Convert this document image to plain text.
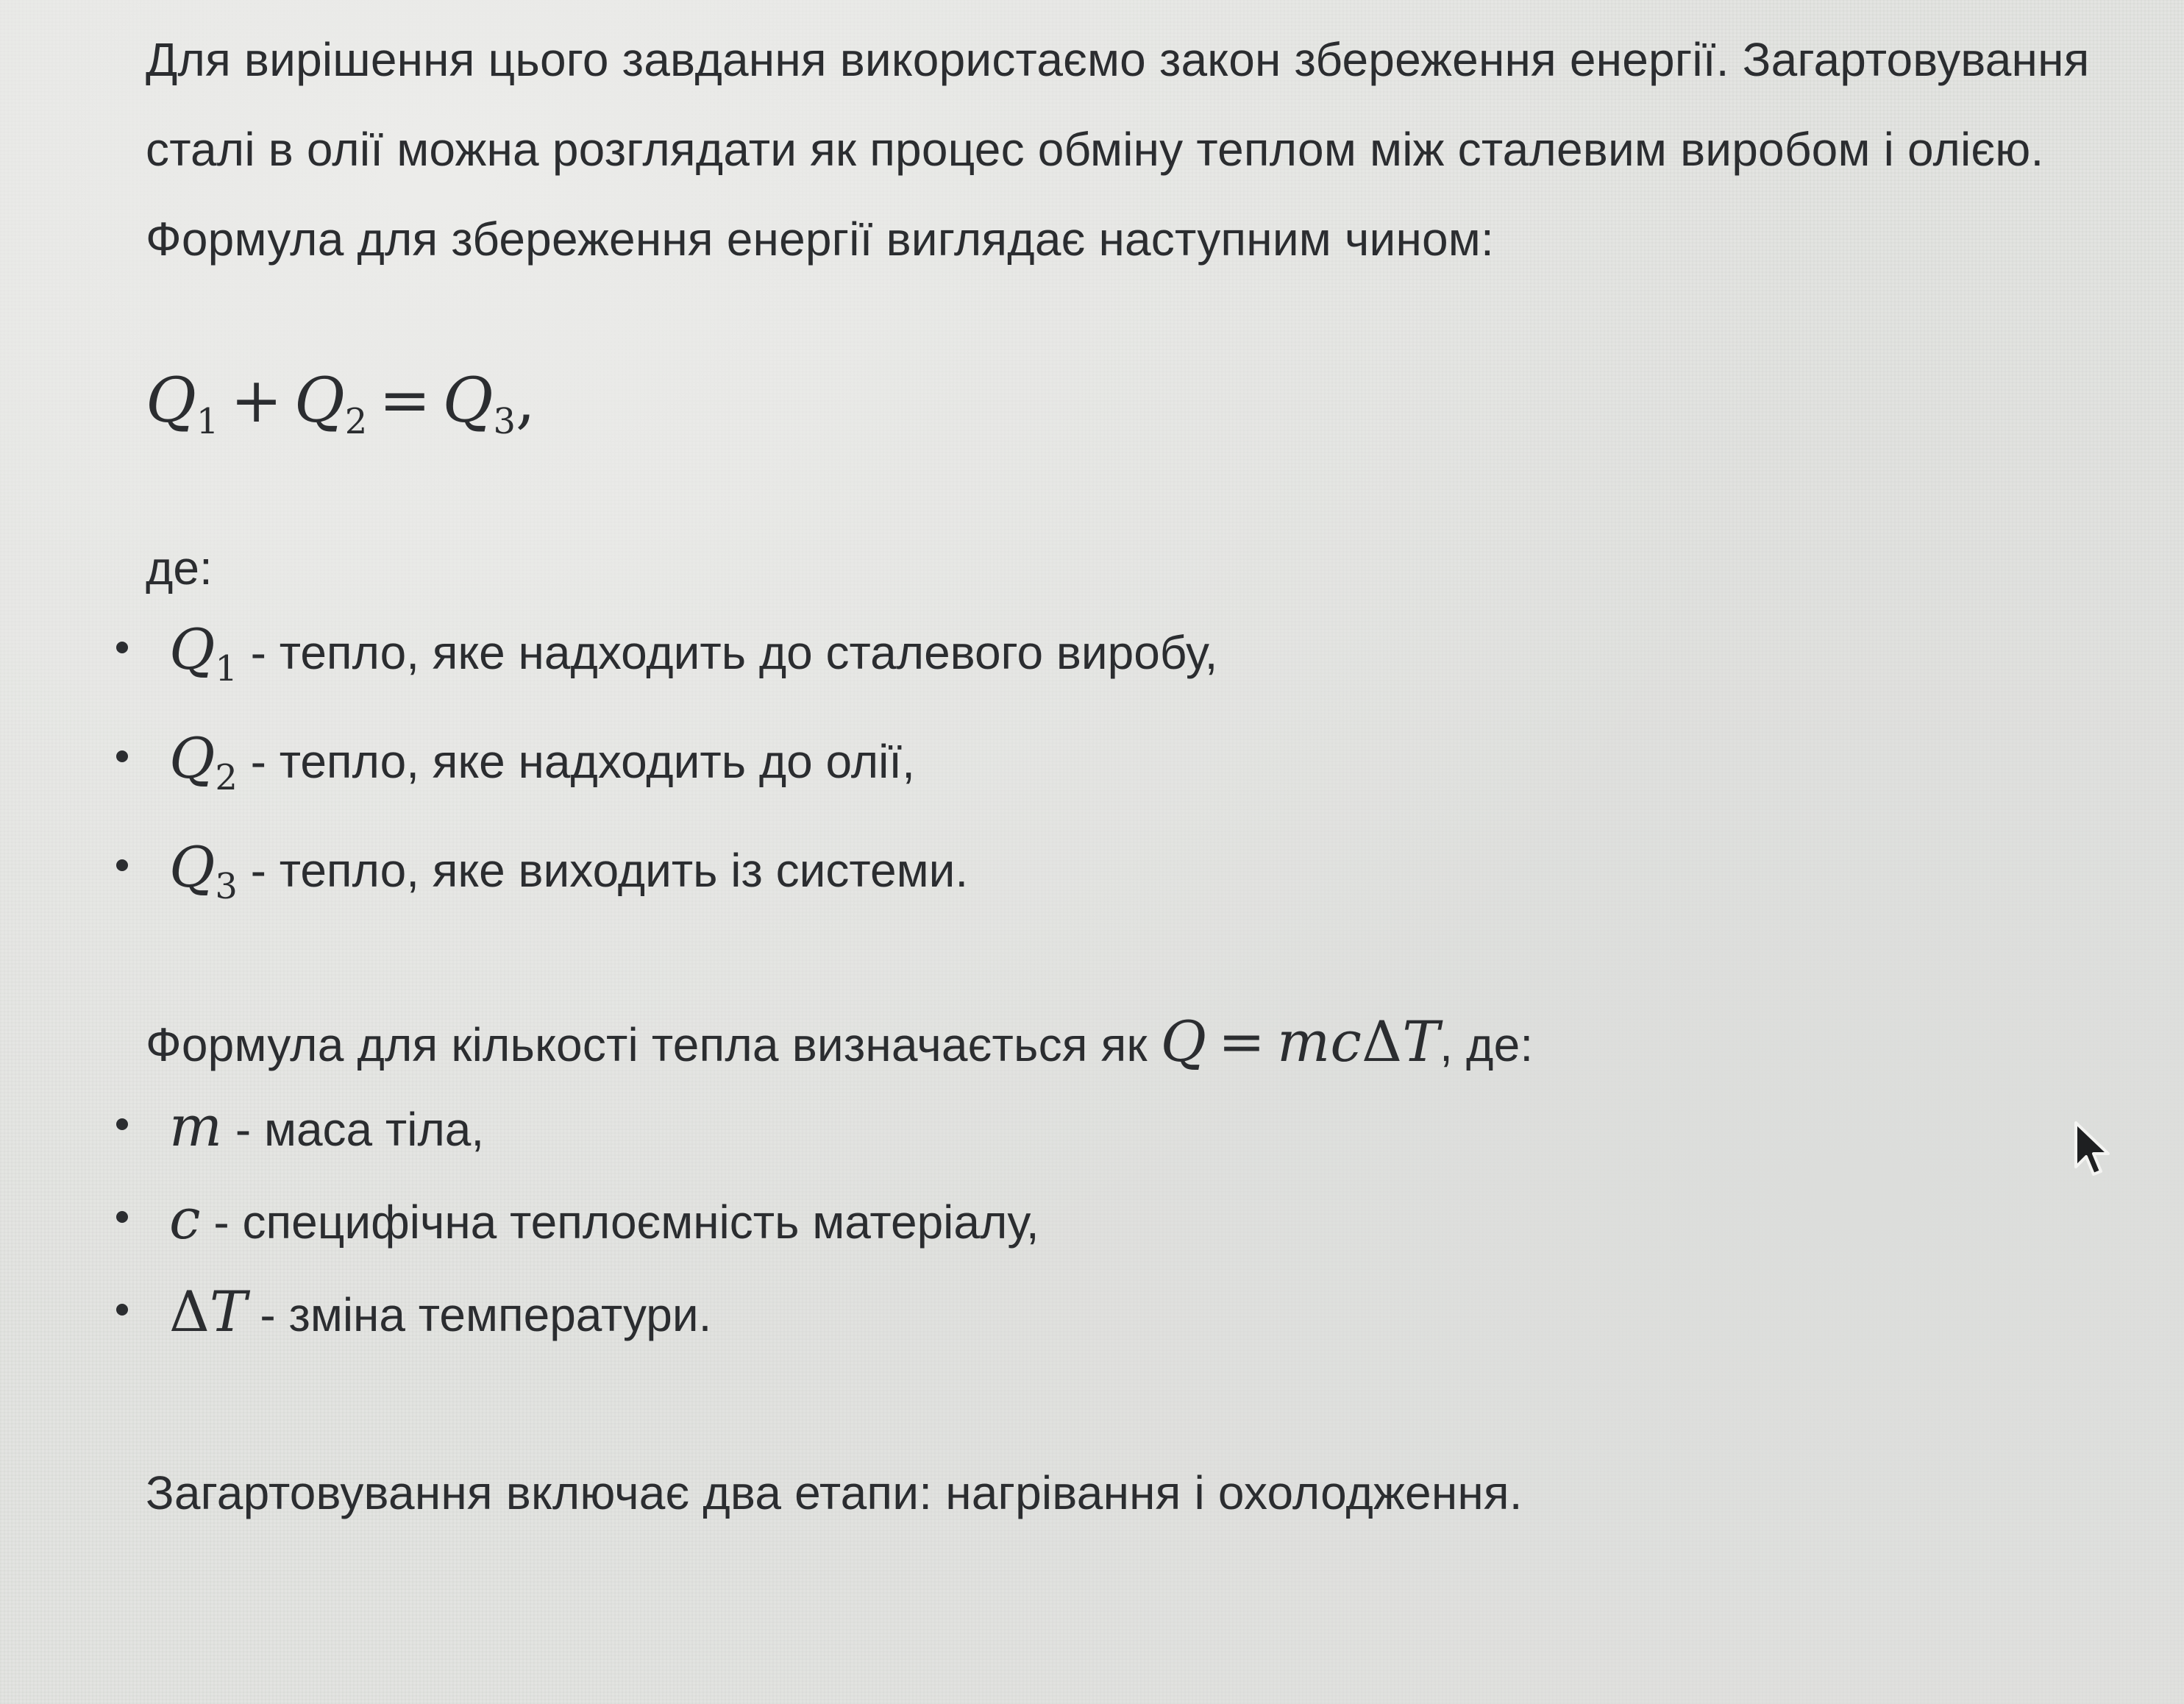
Для вирішення цього завдання використаємо закон збереження енергії. Загартовування сталі в олії можна розглядати як процес обміну теплом між сталевим виробом і олією. Формула для збереження енергії виглядає наступним чином:

$Q_1 + Q_2 = Q_3$,
де:
$Q_1$ - тепло, яке надходить до сталевого виробу,
$Q_2$ - тепло, яке надходить до олії,
$Q_3$ - тепло, яке виходить із системи.

Формула для кількості тепла визначається як Q = mcΔT, де:

m - маса тіла,
c - специфічна теплоємність матеріалу,
ΔT - зміна температури.

Загартовування включає два етапи: нагрівання і охолодження.
